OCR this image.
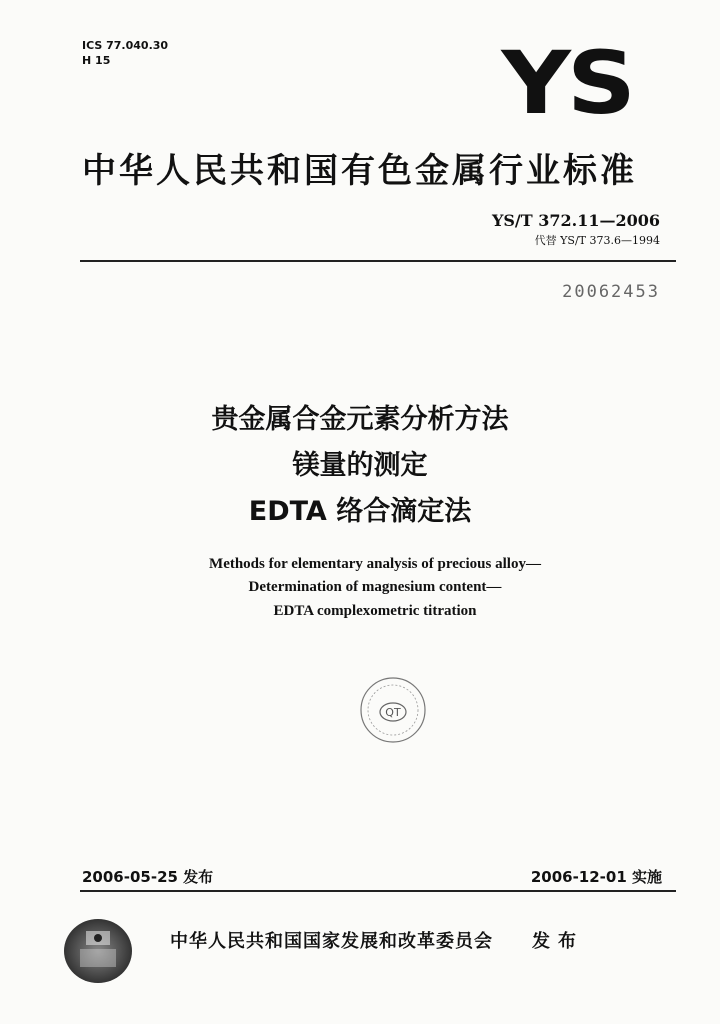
ICS 77.040.30
H 15	YS
中华人民共和国有色金属行业标准
YS/T 372.11—2006
代替 YS/T 373.6—1994
20062453
贵金属合金元素分析方法
镁量的测定
EDTA 络合滴定法
Methods for elementary analysis of precious alloy—
Determination of magnesium content—
EDTA complexometric titration
QT
2006-05-25 发布	2006-12-01 实施
中华人民共和国国家发展和改革委员会 发布
